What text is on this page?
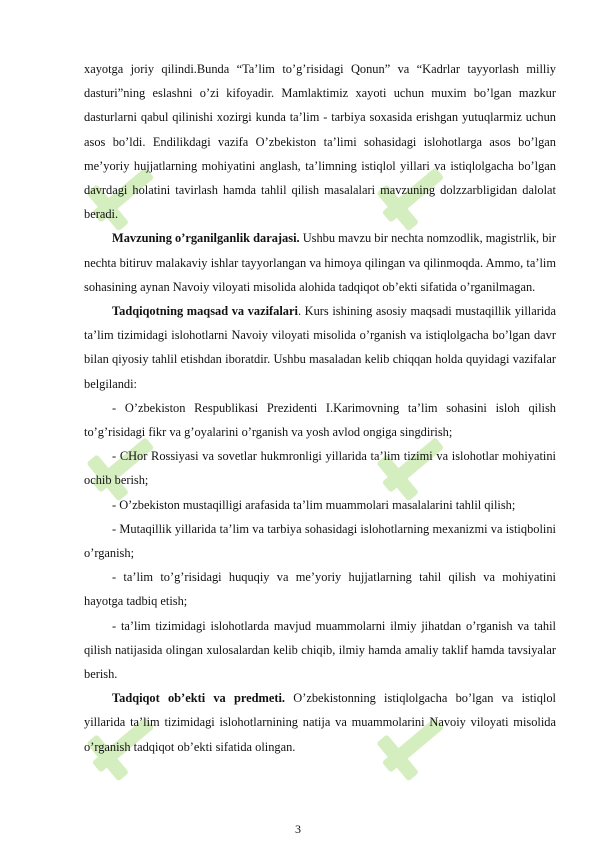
xayotga joriy qilindi.Bunda “Ta’lim to’g’risidagi Qonun” va “Kadrlar tayyorlash milliy dasturi”ning eslashni o’zi kifoyadir. Mamlaktimiz xayoti uchun muxim bo’lgan mazkur dasturlarni qabul qilinishi xozirgi kunda ta’lim - tarbiya soxasida erishgan yutuqlarmiz uchun asos bo’ldi. Endilikdagi vazifa O’zbekiston ta’limi sohasidagi islohotlarga asos bo’lgan me’yoriy hujjatlarning mohiyatini anglash, ta’limning istiqlol yillari va istiqlolgacha bo’lgan davrdagi holatini tavirlash hamda tahlil qilish masalalari mavzuning dolzzarbligidan dalolat beradi.

Mavzuning o’rganilganlik darajasi. Ushbu mavzu bir nechta nomzodlik, magistrlik, bir nechta bitiruv malakaviy ishlar tayyorlangan va himoya qilingan va qilinmoqda. Ammo, ta’lim sohasining aynan Navoiy viloyati misolida alohida tadqiqot ob’ekti sifatida o’rganilmagan.

Tadqiqotning maqsad va vazifalari. Kurs ishining asosiy maqsadi mustaqillik yillarida ta’lim tizimidagi islohotlarni Navoiy viloyati misolida o’rganish va istiqlolgacha bo’lgan davr bilan qiyosiy tahlil etishdan iboratdir. Ushbu masaladan kelib chiqqan holda quyidagi vazifalar belgilandi:

- O’zbekiston Respublikasi Prezidenti I.Karimovning ta’lim sohasini isloh qilish to’g’risidagi fikr va g’oyalarini o’rganish va yosh avlod ongiga singdirish;

- CHor Rossiyasi va sovetlar hukmronligi yillarida ta’lim tizimi va islohotlar mohiyatini ochib berish;

- O’zbekiston mustaqilligi arafasida ta’lim muammolari masalalarini tahlil qilish;

- Mutaqillik yillarida ta’lim va tarbiya sohasidagi islohotlarning mexanizmi va istiqbolini o’rganish;

- ta’lim to’g’risidagi huquqiy va me’yoriy hujjatlarning tahil qilish va mohiyatini hayotga tadbiq etish;

- ta’lim tizimidagi islohotlarda mavjud muammolarni ilmiy jihatdan o’rganish va tahil qilish natijasida olingan xulosalardan kelib chiqib, ilmiy hamda amaliy taklif hamda tavsiyalar berish.

Tadqiqot ob’ekti va predmeti. O’zbekistonning istiqlolgacha bo’lgan va istiqlol yillarida ta’lim tizimidagi islohotlarnining natija va muammolarini Navoiy viloyati misolida o’rganish tadqiqot ob’ekti sifatida olingan.

3
